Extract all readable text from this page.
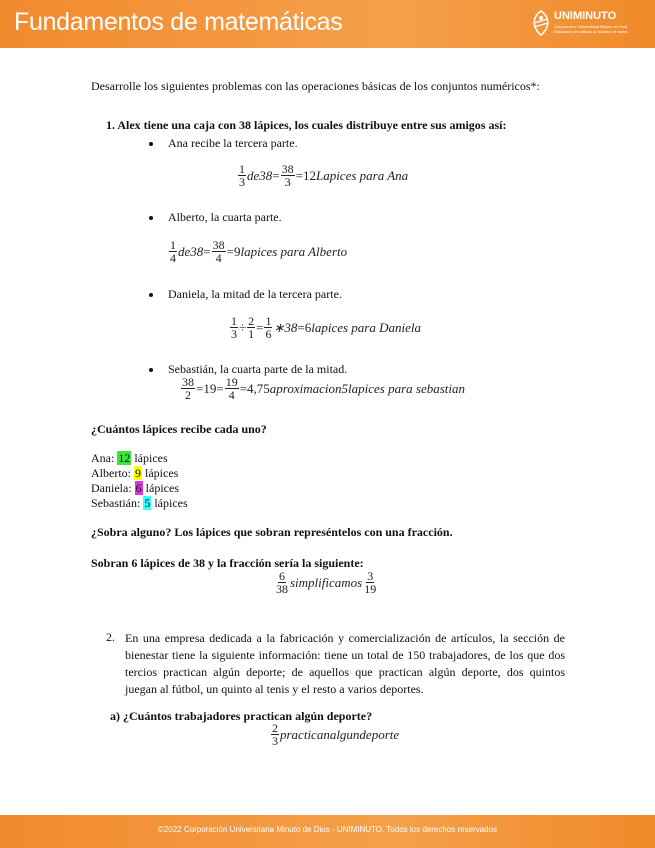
Fundamentos de matemáticas	UNIMINUTO
Corporación Universitaria Minuto de Dios Educación de calidad al alcance de todos
Desarrolle los siguientes problemas con las operaciones básicas de los conjuntos numéricos*:
1. Alex tiene una caja con 38 lápices, los cuales distribuye entre sus amigos así:
Ana recibe la tercera parte.
$\frac{1}{3} de38 = \frac{38}{3} = 12$ Lapices para Ana
Alberto, la cuarta parte.
$\frac{1}{4} de38 = \frac{38}{4} = 9$ lapices para Alberto
Daniela, la mitad de la tercera parte.
$\frac{1}{3} \div \frac{2}{1} = \frac{1}{6}$ ∗38 = 6 lapices para Daniela
Sebastián, la cuarta parte de la mitad.
$\frac{38}{2} = 19 = \frac{19}{4} = 4,75$ aproximacion5lapices para sebastian
¿Cuántos lápices recibe cada uno?
Ana: 12 lápices
Alberto: 9 lápices
Daniela: 6 lápices
Sebastián: 5 lápices
¿Sobra alguno? Los lápices que sobran represéntelos con una fracción.
Sobran 6 lápices de 38 y la fracción sería la siguiente:
$\frac{6}{38}$ simplificamos $\frac{3}{19}$
2. En una empresa dedicada a la fabricación y comercialización de artículos, la sección de bienestar tiene la siguiente información: tiene un total de 150 trabajadores, de los que dos tercios practican algún deporte; de aquellos que practican algún deporte, dos quintos juegan al fútbol, un quinto al tenis y el resto a varios deportes.
a) ¿Cuántos trabajadores practican algún deporte?
$\frac{2}{3}$ practicanalgundeporte
©2022 Corporación Universitaria Minuto de Dios - UNIMINUTO. Todos los derechos reservados
